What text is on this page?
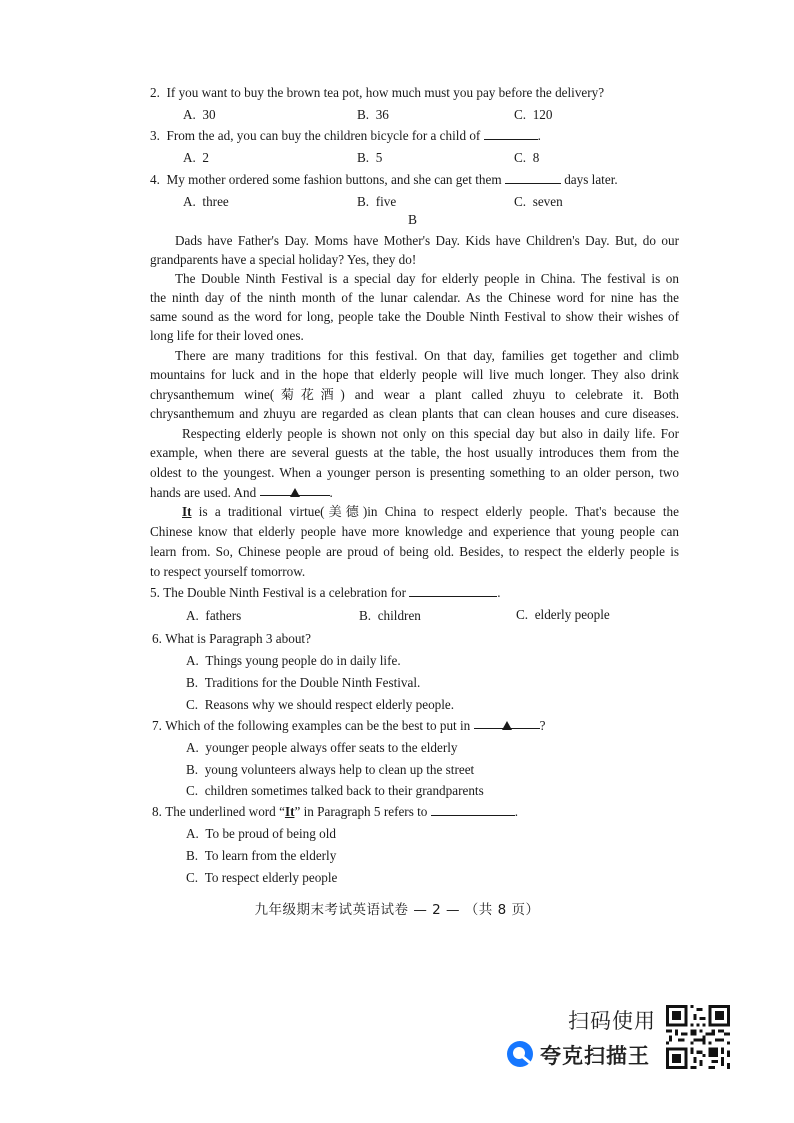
2.  If you want to buy the brown tea pot, how much must you pay before the delivery?
A. 30	B. 36	C. 120
3.  From the ad, you can buy the children bicycle for a child of	.
A. 2	B. 5	C. 8
4.  My mother ordered some fashion buttons, and she can get them	days later.
A. three	B. five	C. seven
B
Dads have Father's Day. Moms have Mother's Day. Kids have Children's Day. But, do our
grandparents have a special holiday? Yes, they do!
The Double Ninth Festival is a special day for elderly people in China. The festival is on
the ninth day of the ninth month of the lunar calendar. As the Chinese word for nine has the
same sound as the word for long, people take the Double Ninth Festival to show their wishes of
long life for their loved ones.
There are many traditions for this festival. On that day, families get together and climb
mountains for luck and in the hope that elderly people will live much longer. They also drink
chrysanthemum wine(菊花酒) and wear a plant called zhuyu to celebrate it. Both
chrysanthemum and zhuyu are regarded as clean plants that can clean houses and cure diseases.
Respecting elderly people is shown not only on this special day but also in daily life. For
example, when there are several guests at the table, the host usually introduces them from the
oldest to the youngest. When a younger person is presenting something to an older person, two
hands are used. And	.
It is a traditional virtue(美德)in China to respect elderly people. That's because the
Chinese know that elderly people have more knowledge and experience that young people can
learn from. So, Chinese people are proud of being old. Besides, to respect the elderly people is
to respect yourself tomorrow.
5. The Double Ninth Festival is a celebration for	.
A. fathers	B. children	C. elderly people
6. What is Paragraph 3 about?
A. Things young people do in daily life.
B. Traditions for the Double Ninth Festival.
C. Reasons why we should respect elderly people.
7. Which of the following examples can be the best to put in	?
A. younger people always offer seats to the elderly
B. young volunteers always help to clean up the street
C. children sometimes talked back to their grandparents
8. The underlined word “It” in Paragraph 5 refers to	.
A. To be proud of being old
B. To learn from the elderly
C. To respect elderly people
九年级期末考试英语试卷 — 2 — （共 8 页）
扫码使用
夸克扫描王
